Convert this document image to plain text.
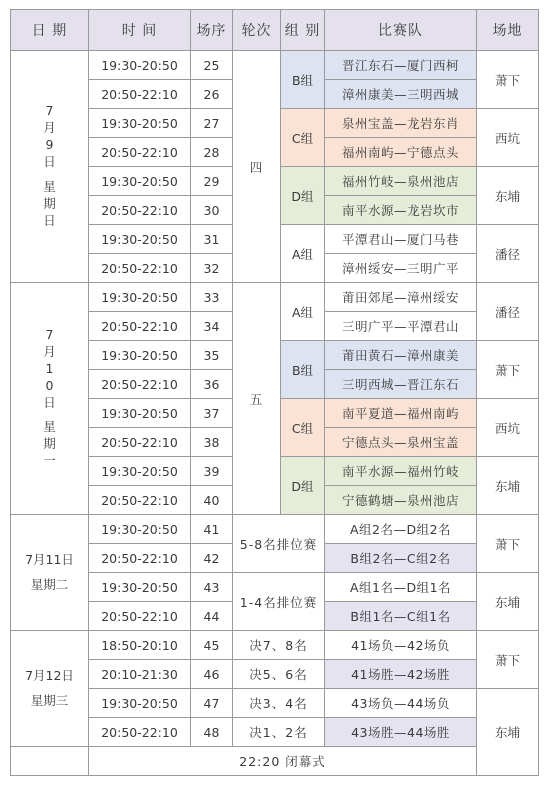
日 期	时 间	场序	轮次	组 别	比赛队	场地

7月9日
星期日	19:30-20:50	25	四	B组	晋江东石—厦门西柯	萧下
	20:50-22:10	26			漳州康美—三明西城	
	19:30-20:50	27		C组	泉州宝盖—龙岩东肖	西坑
	20:50-22:10	28			福州南屿—宁德点头	
	19:30-20:50	29		D组	福州竹岐—泉州池店	东埔
	20:50-22:10	30			南平水源—龙岩坎市	
	19:30-20:50	31		A组	平潭君山—厦门马巷	潘径
	20:50-22:10	32			漳州绥安—三明广平	

7月10日
星期一	19:30-20:50	33	五	A组	莆田郊尾—漳州绥安	潘径
	20:50-22:10	34			三明广平—平潭君山	
	19:30-20:50	35		B组	莆田黄石—漳州康美	萧下
	20:50-22:10	36			三明西城—晋江东石	
	19:30-20:50	37		C组	南平夏道—福州南屿	西坑
	20:50-22:10	38			宁德点头—泉州宝盖	
	19:30-20:50	39		D组	南平水源—福州竹岐	东埔
	20:50-22:10	40			宁德鹤塘—泉州池店	

7月11日
星期二	19:30-20:50	41	5-8名排位赛		A组2名—D组2名	萧下
	20:50-22:10	42			B组2名—C组2名	
	19:30-20:50	43	1-4名排位赛		A组1名—D组1名	东埔
	20:50-22:10	44			B组1名—C组1名	

7月12日
星期三	18:50-20:10	45	决7、8名		41场负—42场负	萧下
	20:10-21:30	46	决5、6名		41场胜—42场胜	
	19:30-20:50	47	决3、4名		43场负—44场负	东埔
	20:50-22:10	48	决1、2名		43场胜—44场胜	
	22:20 闭幕式					
